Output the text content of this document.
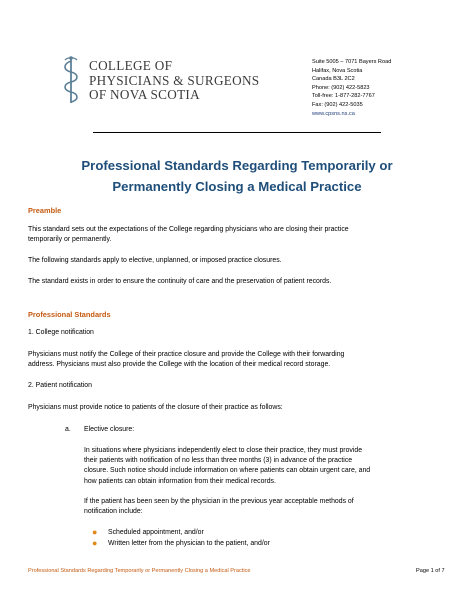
COLLEGE OF
PHYSICIANS & SURGEONS
OF NOVA SCOTIA
Suite 5005 – 7071 Bayers Road
Halifax, Nova Scotia
Canada B3L 2C2
Phone: (902) 422-5823
Toll-free: 1-877-282-7767
Fax: (902) 422-5035
www.cpsns.ns.ca
Professional Standards Regarding Temporarily or
Permanently Closing a Medical Practice
Preamble
This standard sets out the expectations of the College regarding physicians who are closing their practice
temporarily or permanently.
The following standards apply to elective, unplanned, or imposed practice closures.
The standard exists in order to ensure the continuity of care and the preservation of patient records.
Professional Standards
1. College notification
Physicians must notify the College of their practice closure and provide the College with their forwarding
address. Physicians must also provide the College with the location of their medical record storage.
2. Patient notification
Physicians must provide notice to patients of the closure of their practice as follows:
a. Elective closure:
In situations where physicians independently elect to close their practice, they must provide
their patients with notification of no less than three months (3) in advance of the practice
closure. Such notice should include information on where patients can obtain urgent care, and
how patients can obtain information from their medical records.
If the patient has been seen by the physician in the previous year acceptable methods of
notification include:
● Scheduled appointment, and/or
● Written letter from the physician to the patient, and/or
Professional Standards Regarding Temporarily or Permanently Closing a Medical Practice	Page 1 of 7
